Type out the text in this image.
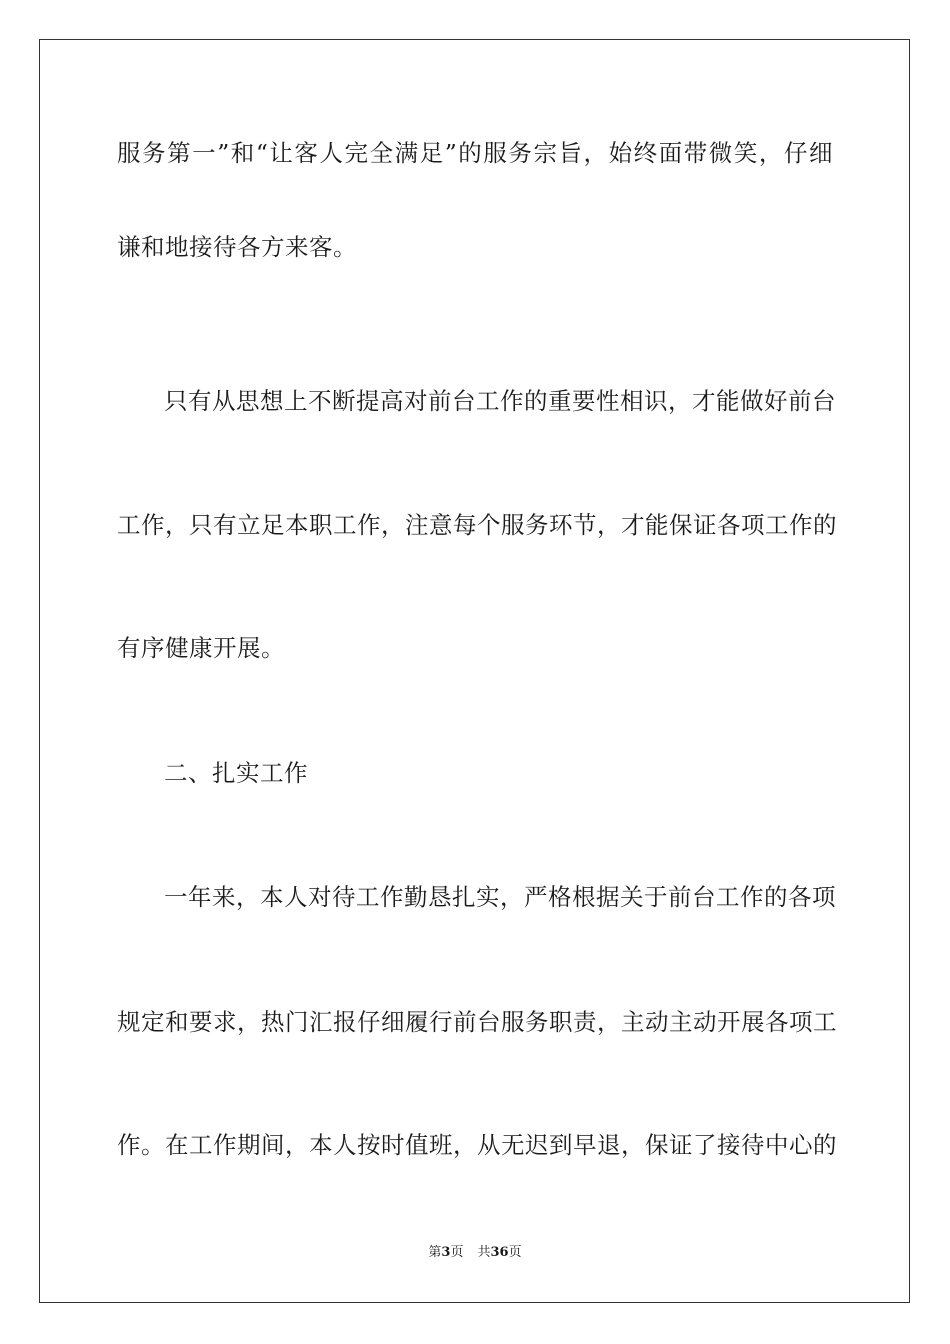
服务第一”和“让客人完全满足”的服务宗旨，始终面带微笑，仔细
谦和地接待各方来客。
只有从思想上不断提高对前台工作的重要性相识，才能做好前台
工作，只有立足本职工作，注意每个服务环节，才能保证各项工作的
有序健康开展。
二、扎实工作
一年来，本人对待工作勤恳扎实，严格根据关于前台工作的各项
规定和要求，热门汇报仔细履行前台服务职责，主动主动开展各项工
作。在工作期间，本人按时值班，从无迟到早退，保证了接待中心的
第3页 共36页
